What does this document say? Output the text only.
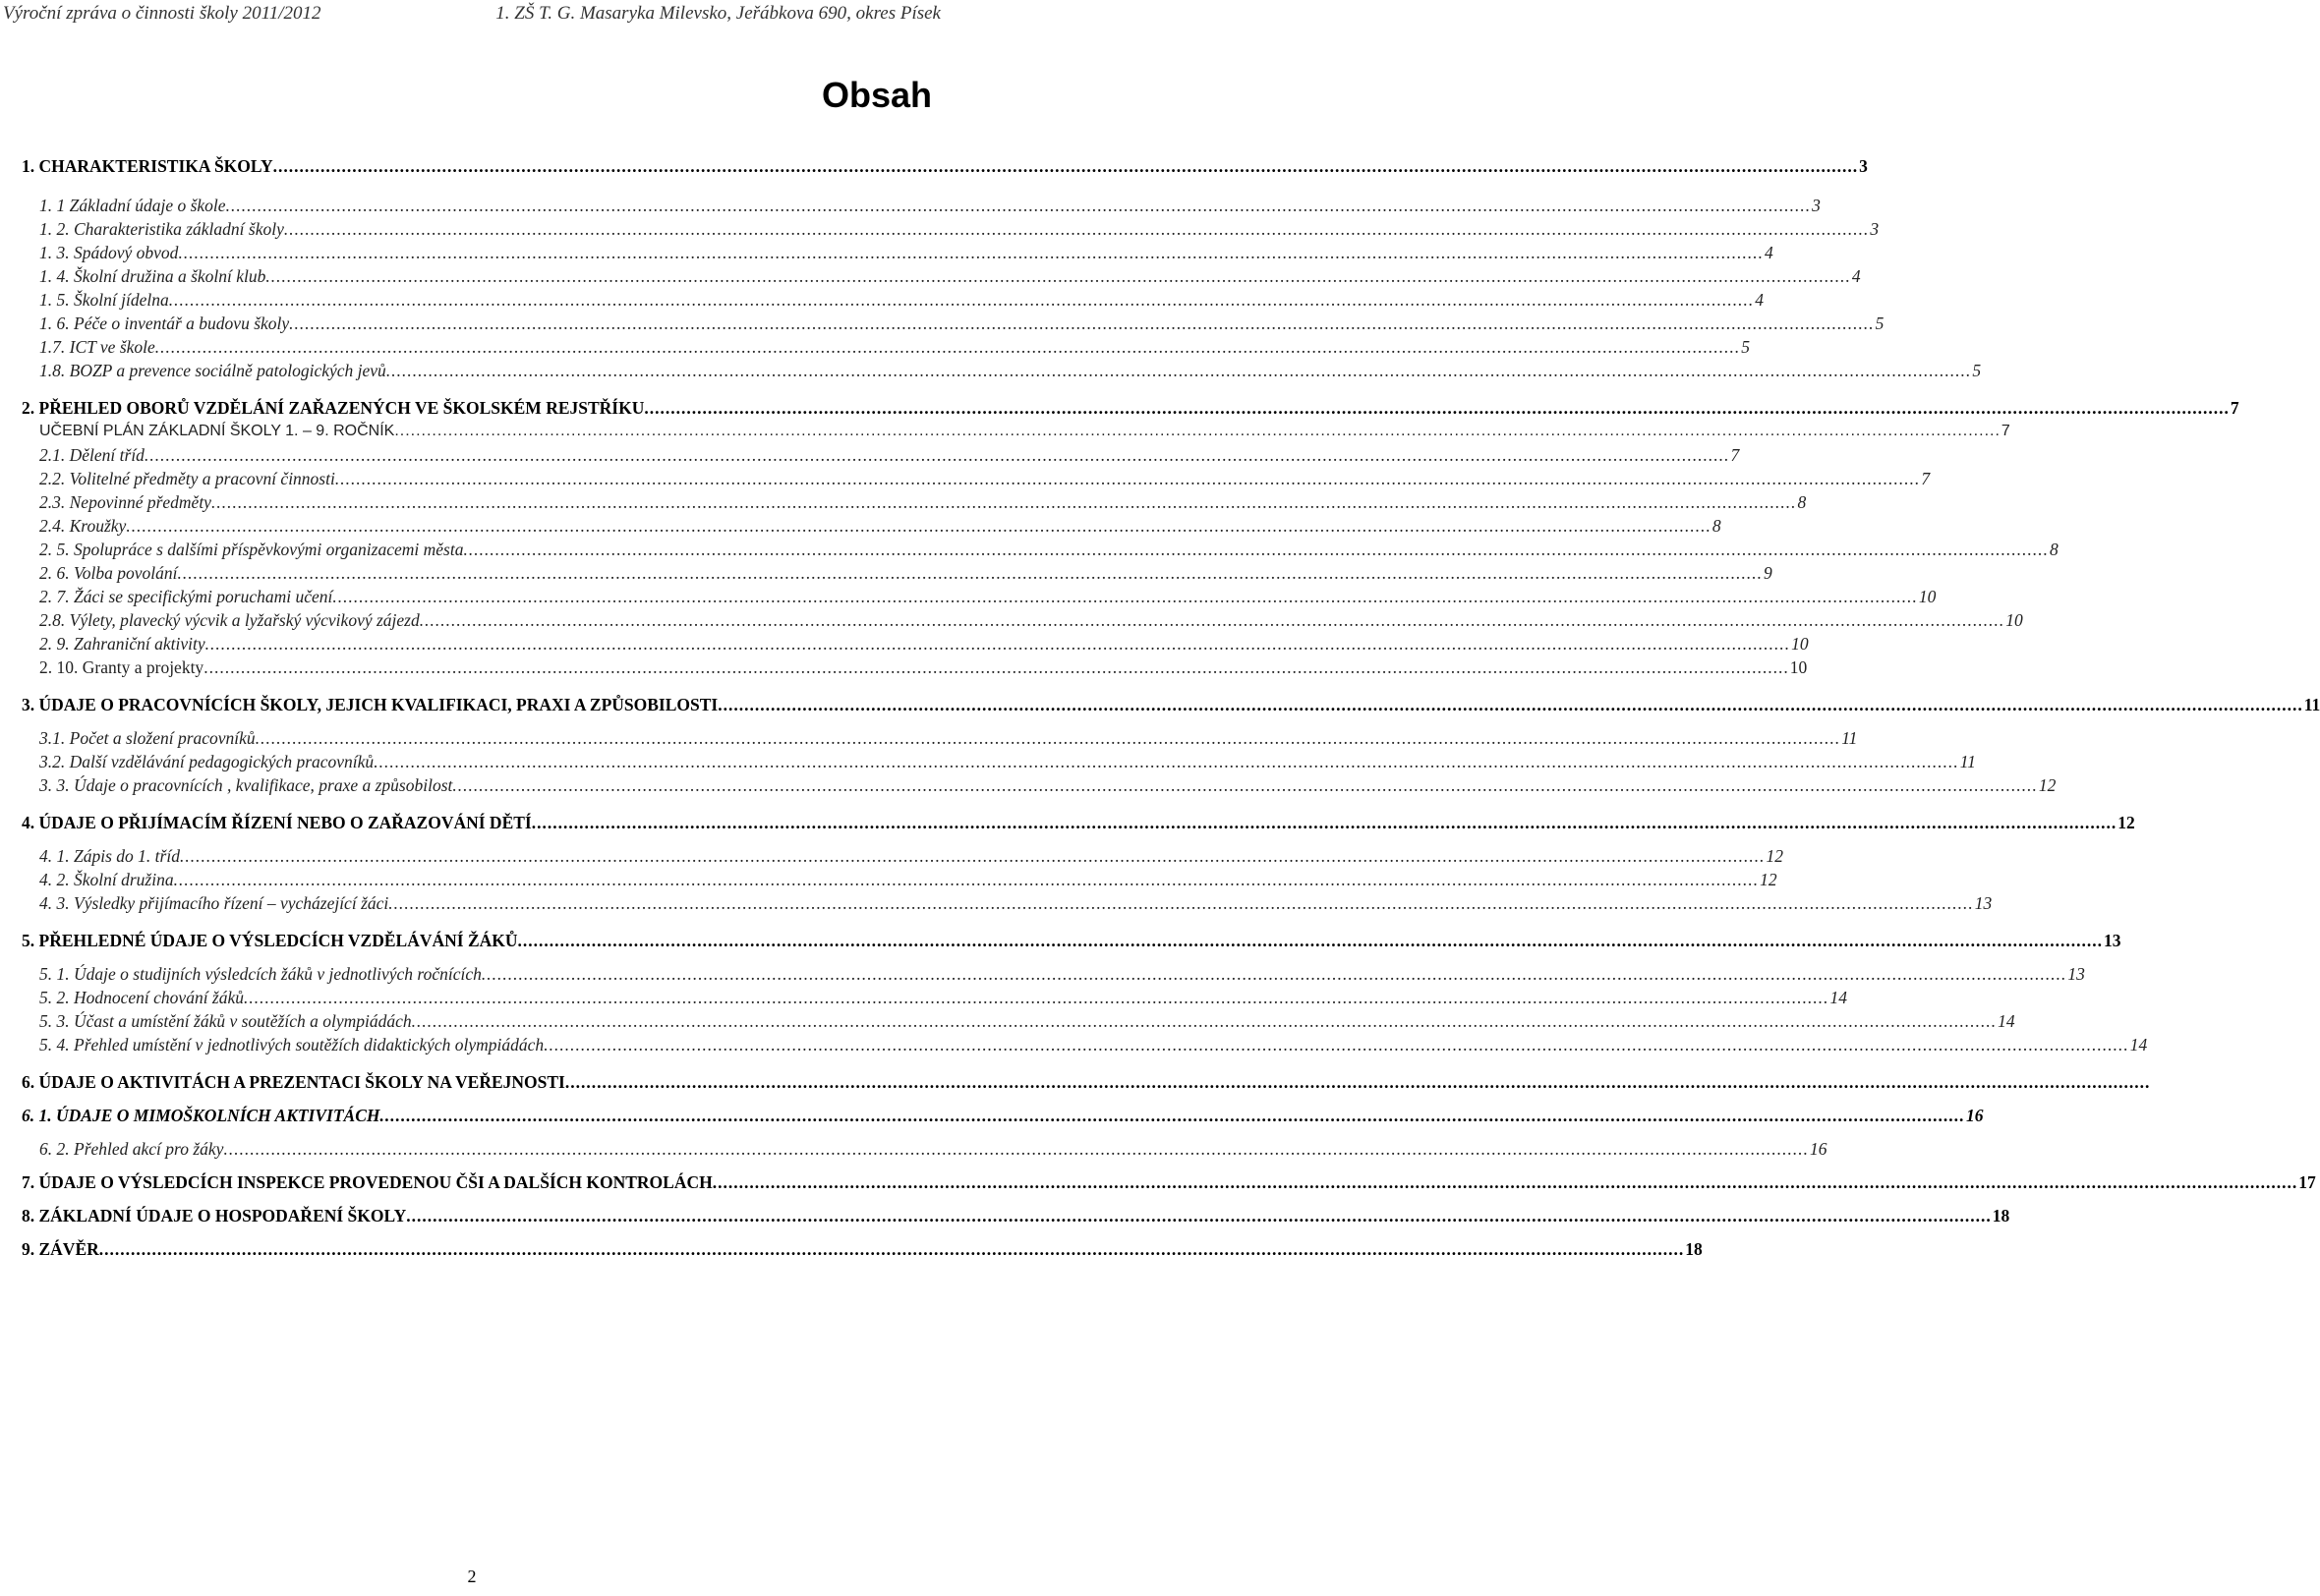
Výroční zpráva o činnosti školy 2011/2012	1. ZŠ T. G. Masaryka Milevsko, Jeřábkova 690, okres Písek
Obsah
1. CHARAKTERISTIKA ŠKOLY ............................................................................................................................................................................................................................................................................................................ 3
1. 1 Základní údaje o škole ............................................................................................................................................................................................................................................................................................................ 3
1. 2. Charakteristika základní školy ............................................................................................................................................................................................................................................................................................................ 3
1. 3. Spádový obvod ............................................................................................................................................................................................................................................................................................................ 4
1. 4. Školní družina a školní klub ............................................................................................................................................................................................................................................................................................................ 4
1. 5. Školní jídelna ............................................................................................................................................................................................................................................................................................................ 4
1. 6. Péče o inventář a budovu školy ............................................................................................................................................................................................................................................................................................................ 5
1.7. ICT ve škole ............................................................................................................................................................................................................................................................................................................ 5
1.8. BOZP a prevence sociálně patologických jevů ............................................................................................................................................................................................................................................................................................................ 5
2. PŘEHLED OBORŮ VZDĚLÁNÍ ZAŘAZENÝCH VE ŠKOLSKÉM REJSTŘÍKU ............................................................................................................................................................................................................................................................................................................ 7
UČEBNÍ PLÁN ZÁKLADNÍ ŠKOLY 1. – 9. ROČNÍK ............................................................................................................................................................................................................................................................................................................ 7
2.1. Dělení tříd ............................................................................................................................................................................................................................................................................................................ 7
2.2. Volitelné předměty a pracovní činnosti ............................................................................................................................................................................................................................................................................................................ 7
2.3. Nepovinné předměty ............................................................................................................................................................................................................................................................................................................ 8
2.4. Kroužky ............................................................................................................................................................................................................................................................................................................ 8
2. 5. Spolupráce s dalšími příspěvkovými organizacemi města ............................................................................................................................................................................................................................................................................................................ 8
2. 6. Volba povolání ............................................................................................................................................................................................................................................................................................................ 9
2. 7. Žáci se specifickými poruchami učení ............................................................................................................................................................................................................................................................................................................ 10
2.8. Výlety, plavecký výcvik a lyžařský výcvikový zájezd ............................................................................................................................................................................................................................................................................................................ 10
2. 9. Zahraniční aktivity ............................................................................................................................................................................................................................................................................................................ 10
2. 10. Granty a projekty ............................................................................................................................................................................................................................................................................................................ 10
3. ÚDAJE O PRACOVNÍCÍCH ŠKOLY, JEJICH KVALIFIKACI, PRAXI A ZPŮSOBILOSTI ............................................................................................................................................................................................................................................................................................................ 11
3.1. Počet a složení pracovníků ............................................................................................................................................................................................................................................................................................................ 11
3.2. Další vzdělávání pedagogických pracovníků ............................................................................................................................................................................................................................................................................................................ 11
3. 3. Údaje o pracovnících , kvalifikace, praxe a způsobilost ............................................................................................................................................................................................................................................................................................................ 12
4. ÚDAJE O PŘIJÍMACÍM ŘÍZENÍ NEBO O ZAŘAZOVÁNÍ DĚTÍ ............................................................................................................................................................................................................................................................................................................ 12
4. 1. Zápis do 1. tříd ............................................................................................................................................................................................................................................................................................................ 12
4. 2. Školní družina ............................................................................................................................................................................................................................................................................................................ 12
4. 3. Výsledky přijímacího řízení – vycházející žáci ............................................................................................................................................................................................................................................................................................................ 13
5. PŘEHLEDNÉ ÚDAJE O VÝSLEDCÍCH VZDĚLÁVÁNÍ ŽÁKŮ ............................................................................................................................................................................................................................................................................................................ 13
5. 1. Údaje o studijních výsledcích žáků v jednotlivých ročnících ............................................................................................................................................................................................................................................................................................................ 13
5. 2. Hodnocení chování žáků ............................................................................................................................................................................................................................................................................................................ 14
5. 3. Účast a umístění žáků v soutěžích a olympiádách ............................................................................................................................................................................................................................................................................................................ 14
5. 4. Přehled umístění v jednotlivých soutěžích didaktických olympiádách ............................................................................................................................................................................................................................................................................................................ 14
6. ÚDAJE O AKTIVITÁCH A PREZENTACI ŠKOLY NA VEŘEJNOSTI ............................................................................................................................................................................................................................................................................................................
6. 1. ÚDAJE O MIMOŠKOLNÍCH AKTIVITÁCH ............................................................................................................................................................................................................................................................................................................ 16
6. 2. Přehled akcí pro žáky ............................................................................................................................................................................................................................................................................................................ 16
7. ÚDAJE O VÝSLEDCÍCH INSPEKCE PROVEDENOU ČŠI A DALŠÍCH KONTROLÁCH ............................................................................................................................................................................................................................................................................................................ 17
8. ZÁKLADNÍ ÚDAJE O HOSPODAŘENÍ ŠKOLY ............................................................................................................................................................................................................................................................................................................ 18
9. ZÁVĚR ............................................................................................................................................................................................................................................................................................................ 18
2
